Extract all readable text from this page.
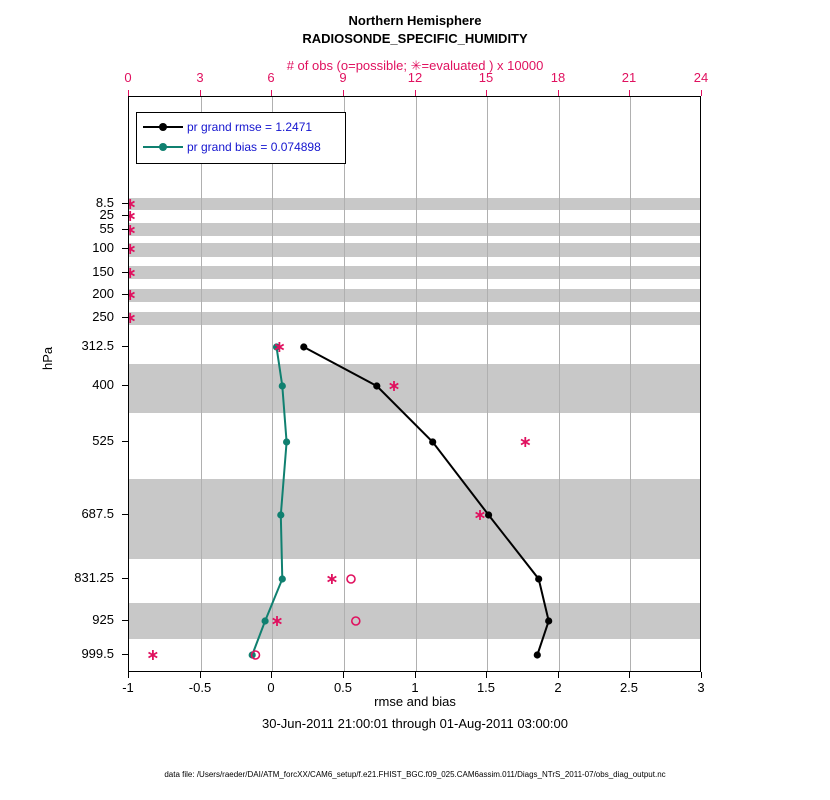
Northern Hemisphere
RADIOSONDE_SPECIFIC_HUMIDITY
# of obs (o=possible; ✳=evaluated ) x 10000
hPa
pr grand rmse = 1.2471
pr grand bias = 0.074898
rmse and bias
30-Jun-2011 21:00:01 through 01-Aug-2011 03:00:00
data file: /Users/raeder/DAI/ATM_forcXX/CAM6_setup/f.e21.FHIST_BGC.f09_025.CAM6assim.011/Diags_NTrS_2011-07/obs_diag_output.nc
-1	-0.5	0	0.5	1	1.5	2	2.5	3
0	3	6	9	12	15	18	21	24
8.5
25
55
100
150
200
250
312.5
400
525
687.5
831.25
925
999.5
